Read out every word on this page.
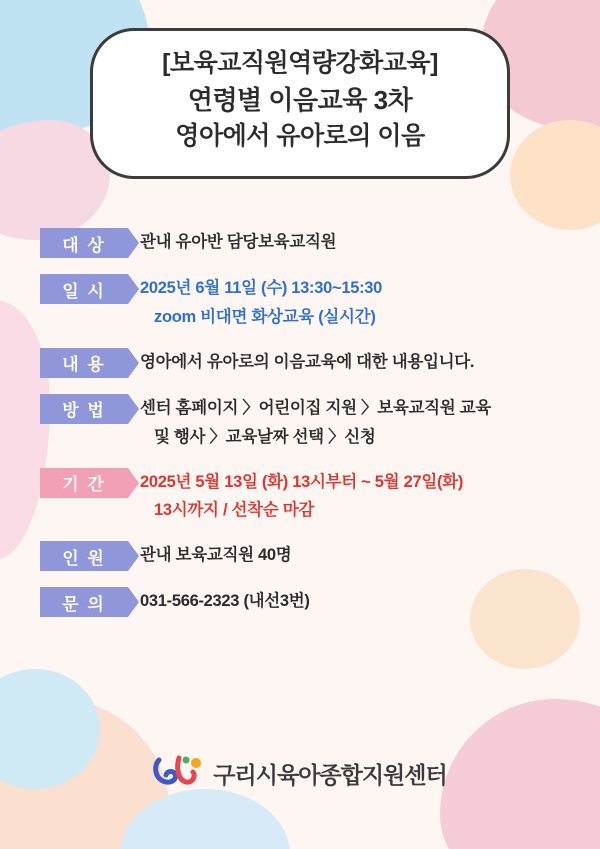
[보육교직원역량강화교육]
연령별 이음교육 3차
영아에서 유아로의 이음
대 상 관내 유아반 담당보육교직원
일 시 2025년 6월 11일 (수) 13:30~15:30
zoom 비대면 화상교육 (실시간)
내 용 영아에서 유아로의 이음교육에 대한 내용입니다.
방 법 센터 홈페이지 〉어린이집 지원 〉보육교직원 교육
및 행사 〉교육날짜 선택 〉신청
기 간 2025년 5월 13일 (화) 13시부터 ~ 5월 27일(화)
13시까지 / 선착순 마감
인 원 관내 보육교직원 40명
문 의 031-566-2323 (내선3번)
구리시육아종합지원센터
